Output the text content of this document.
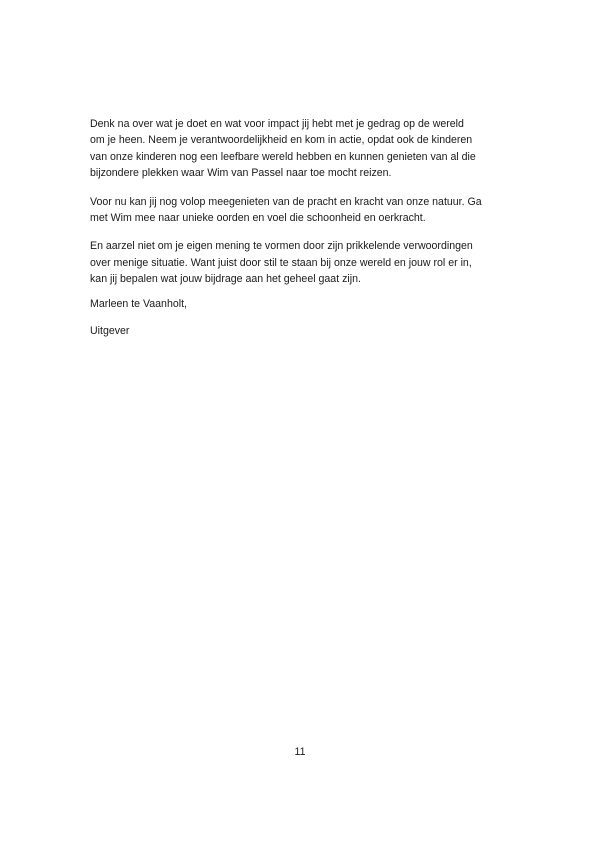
Denk na over wat je doet en wat voor impact jij hebt met je gedrag op de wereld
om je heen. Neem je verantwoordelijkheid en kom in actie, opdat ook de kinderen
van onze kinderen nog een leefbare wereld hebben en kunnen genieten van al die
bijzondere plekken waar Wim van Passel naar toe mocht reizen.

Voor nu kan jij nog volop meegenieten van de pracht en kracht van onze natuur. Ga
met Wim mee naar unieke oorden en voel die schoonheid en oerkracht.

En aarzel niet om je eigen mening te vormen door zijn prikkelende verwoordingen
over menige situatie. Want juist door stil te staan bij onze wereld en jouw rol er in,
kan jij bepalen wat jouw bijdrage aan het geheel gaat zijn.

Marleen te Vaanholt,

Uitgever

11
